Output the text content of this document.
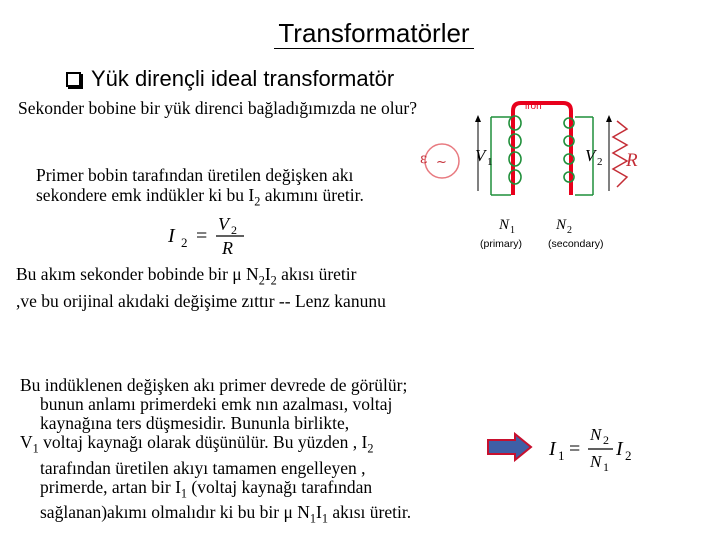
Transformatörler
Yük dirençli ideal transformatör
Sekonder bobine bir yük direnci bağladığımızda ne olur?
Primer bobin tarafından üretilen değişken akı sekondere emk indükler ki bu $I_2$ akımını üretir.
I 2 =
V 2
R
Bu akım sekonder bobinde bir μ $N_2I_2$ akısı üretir
,ve bu orijinal akıdaki değişime zıttır -- Lenz kanunu
Bu indüklenen değişken akı primer devrede de görülür;

bunun anlamı primerdeki emk nın azalması, voltaj
kaynağına ters düşmesidir. Bununla birlikte,
$V_1$ voltaj kaynağı olarak düşünülür. Bu yüzden , $I_2$
tarafından üretilen akıyı tamamen engelleyen ,
primerde, artan bir $I_1$ (voltaj kaynağı tarafından
sağlanan)akımı olmalıdır ki bu bir μ $N_1I_1$ akısı üretir.
I 1 =
N 2
N 1
I 2
ε ~ V 1
iron
V 2 R
N 1	N 2
(primary) (secondary)
